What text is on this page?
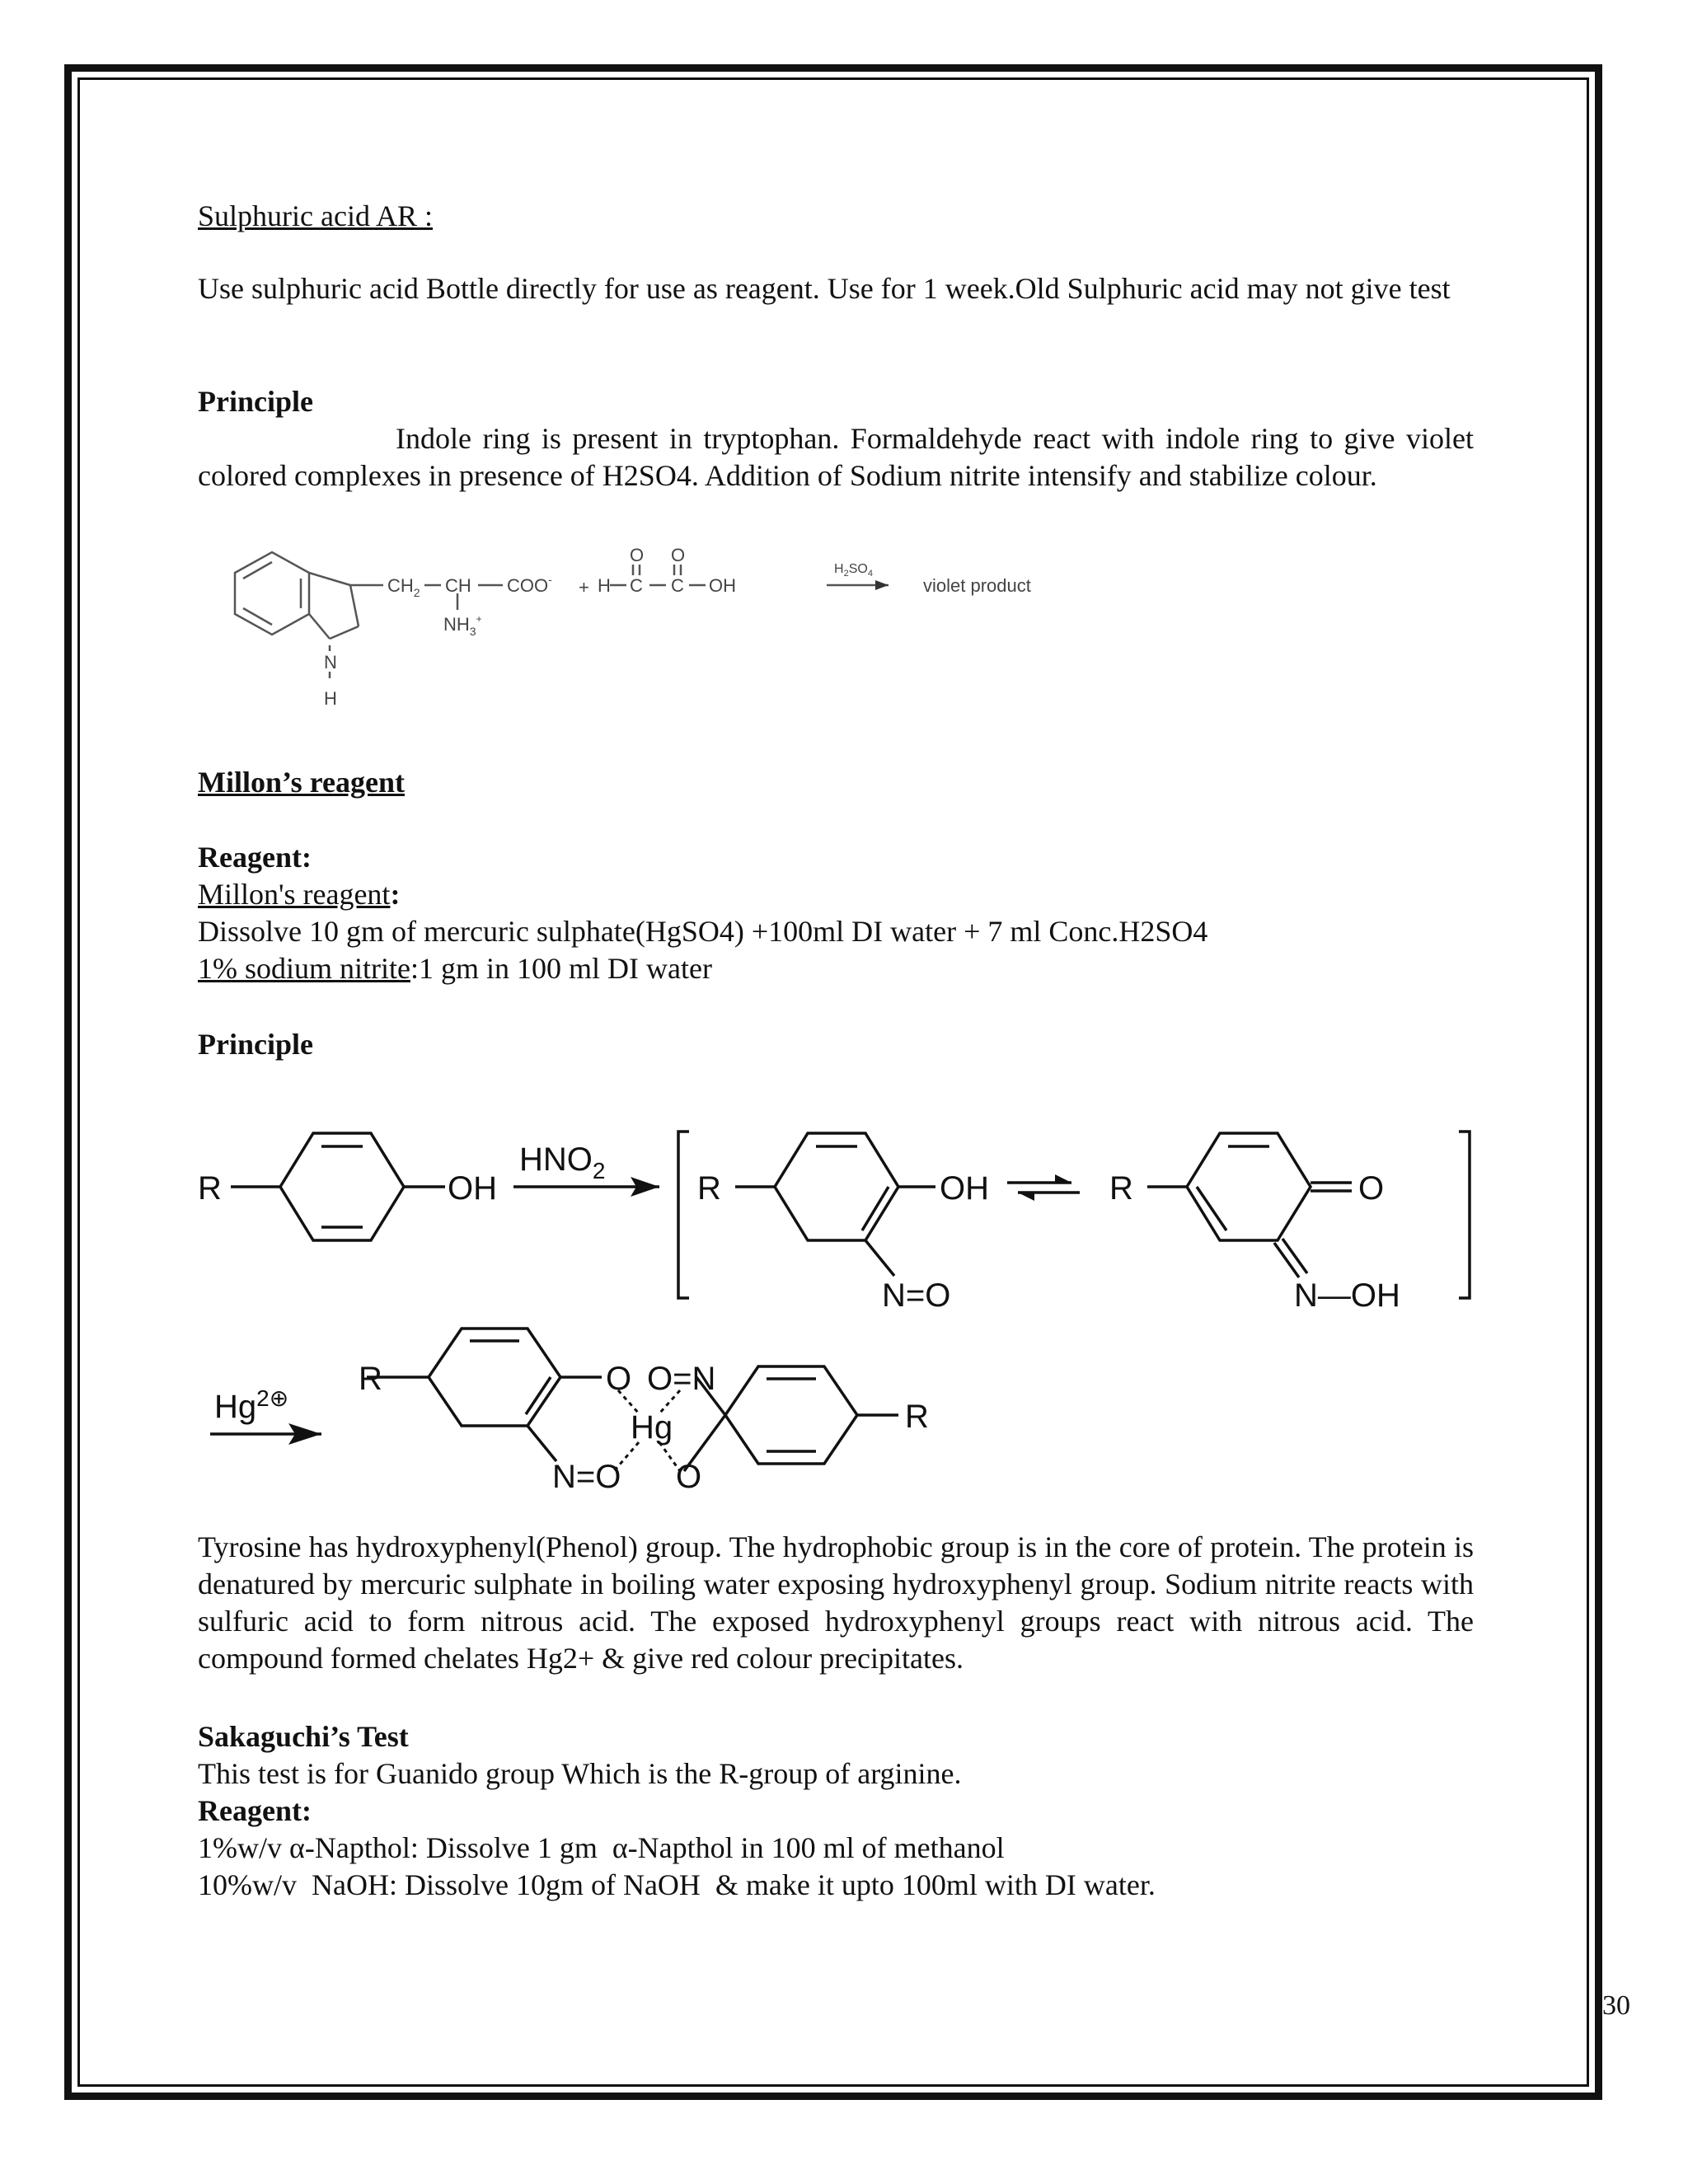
Sulphuric acid AR :
Use sulphuric acid Bottle directly for use as reagent. Use for 1 week.Old Sulphuric acid may not give test
Principle
Indole ring is present in tryptophan. Formaldehyde react with indole ring to give violet colored complexes in presence of H2SO4. Addition of Sodium nitrite intensify and stabilize colour.
$CH_2$ CH COO-
$NH_3^+$
N
H
+ H C C OH
O O
$H_2SO_4$
violet product
Millon’s reagent
Reagent:
Millon's reagent:
Dissolve 10 gm of mercuric sulphate(HgSO4) +100ml DI water + 7 ml Conc.H2SO4
1% sodium nitrite:1 gm in 100 ml DI water
Principle
R	OH
$HNO_2$	R	OH
N=O
R	O
N—OH
$Hg^{2\oplus}$
R	O O=N
Hg
N=O O
R
Tyrosine has hydroxyphenyl(Phenol) group. The hydrophobic group is in the core of protein. The protein is denatured by mercuric sulphate in boiling water exposing hydroxyphenyl group. Sodium nitrite reacts with sulfuric acid to form nitrous acid. The exposed hydroxyphenyl groups react with nitrous acid. The compound formed chelates Hg2+ & give red colour precipitates.
Sakaguchi’s Test
This test is for Guanido group Which is the R-group of arginine.
Reagent:
1%w/v α-Napthol: Dissolve 1 gm  α-Napthol in 100 ml of methanol
10%w/v  NaOH: Dissolve 10gm of NaOH  & make it upto 100ml with DI water.
30
